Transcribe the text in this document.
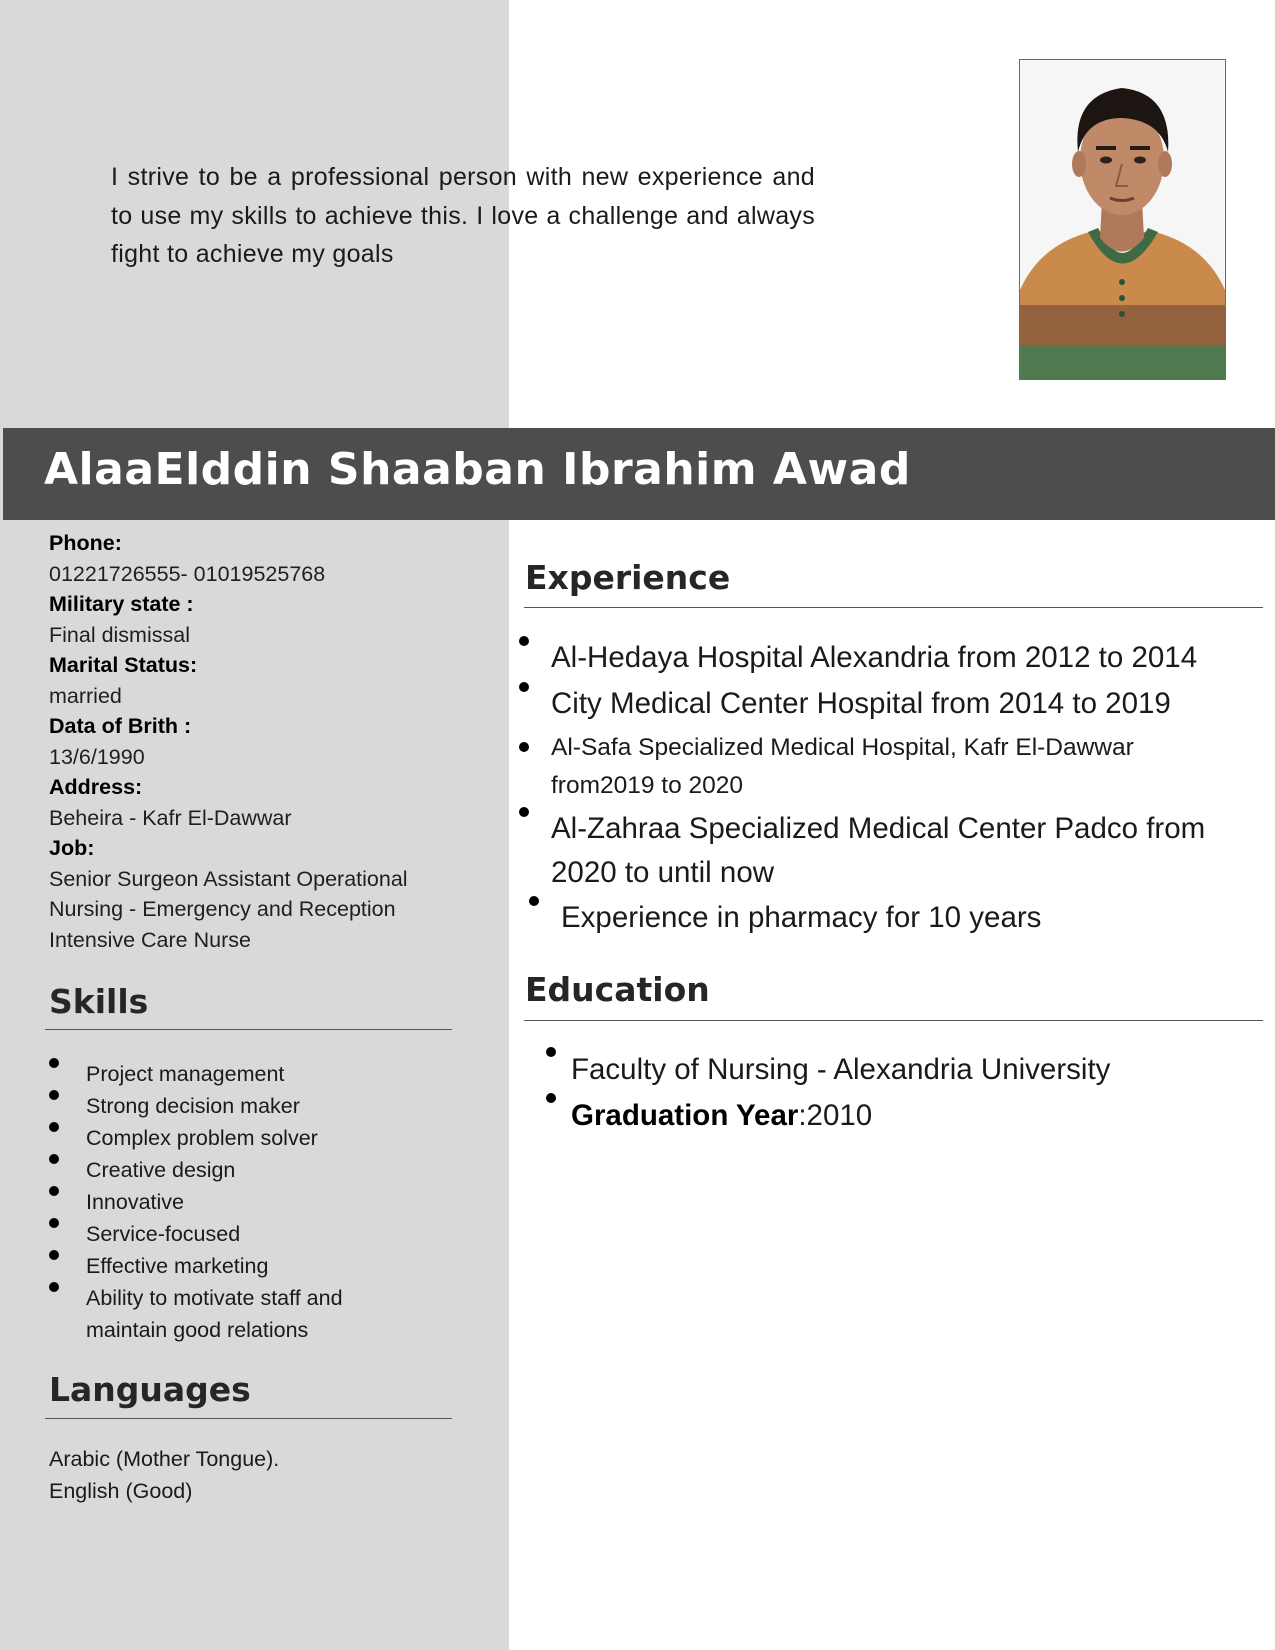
I strive to be a professional person with new experience and to use my skills to achieve this. I love a challenge and always fight to achieve my goals

AlaaElddin Shaaban Ibrahim Awad
Phone:
01221726555- 01019525768
Military state :
Final dismissal
Marital Status:
married
Data of Brith :
13/6/1990
Address:
Beheira - Kafr El-Dawwar
Job:
Senior Surgeon Assistant Operational Nursing - Emergency and Reception Intensive Care Nurse
Skills
Project management
Strong decision maker
Complex problem solver
Creative design
Innovative
Service-focused
Effective marketing
Ability to motivate staff and maintain good relations
Languages
Arabic (Mother Tongue).
English (Good)
Experience
Al-Hedaya Hospital Alexandria from 2012 to 2014
City Medical Center Hospital from 2014 to 2019
Al-Safa Specialized Medical Hospital, Kafr El-Dawwar from2019 to 2020
Al-Zahraa Specialized Medical Center Padco from 2020 to until now
Experience in pharmacy for 10 years
Education
Faculty of Nursing - Alexandria University
Graduation Year:2010
